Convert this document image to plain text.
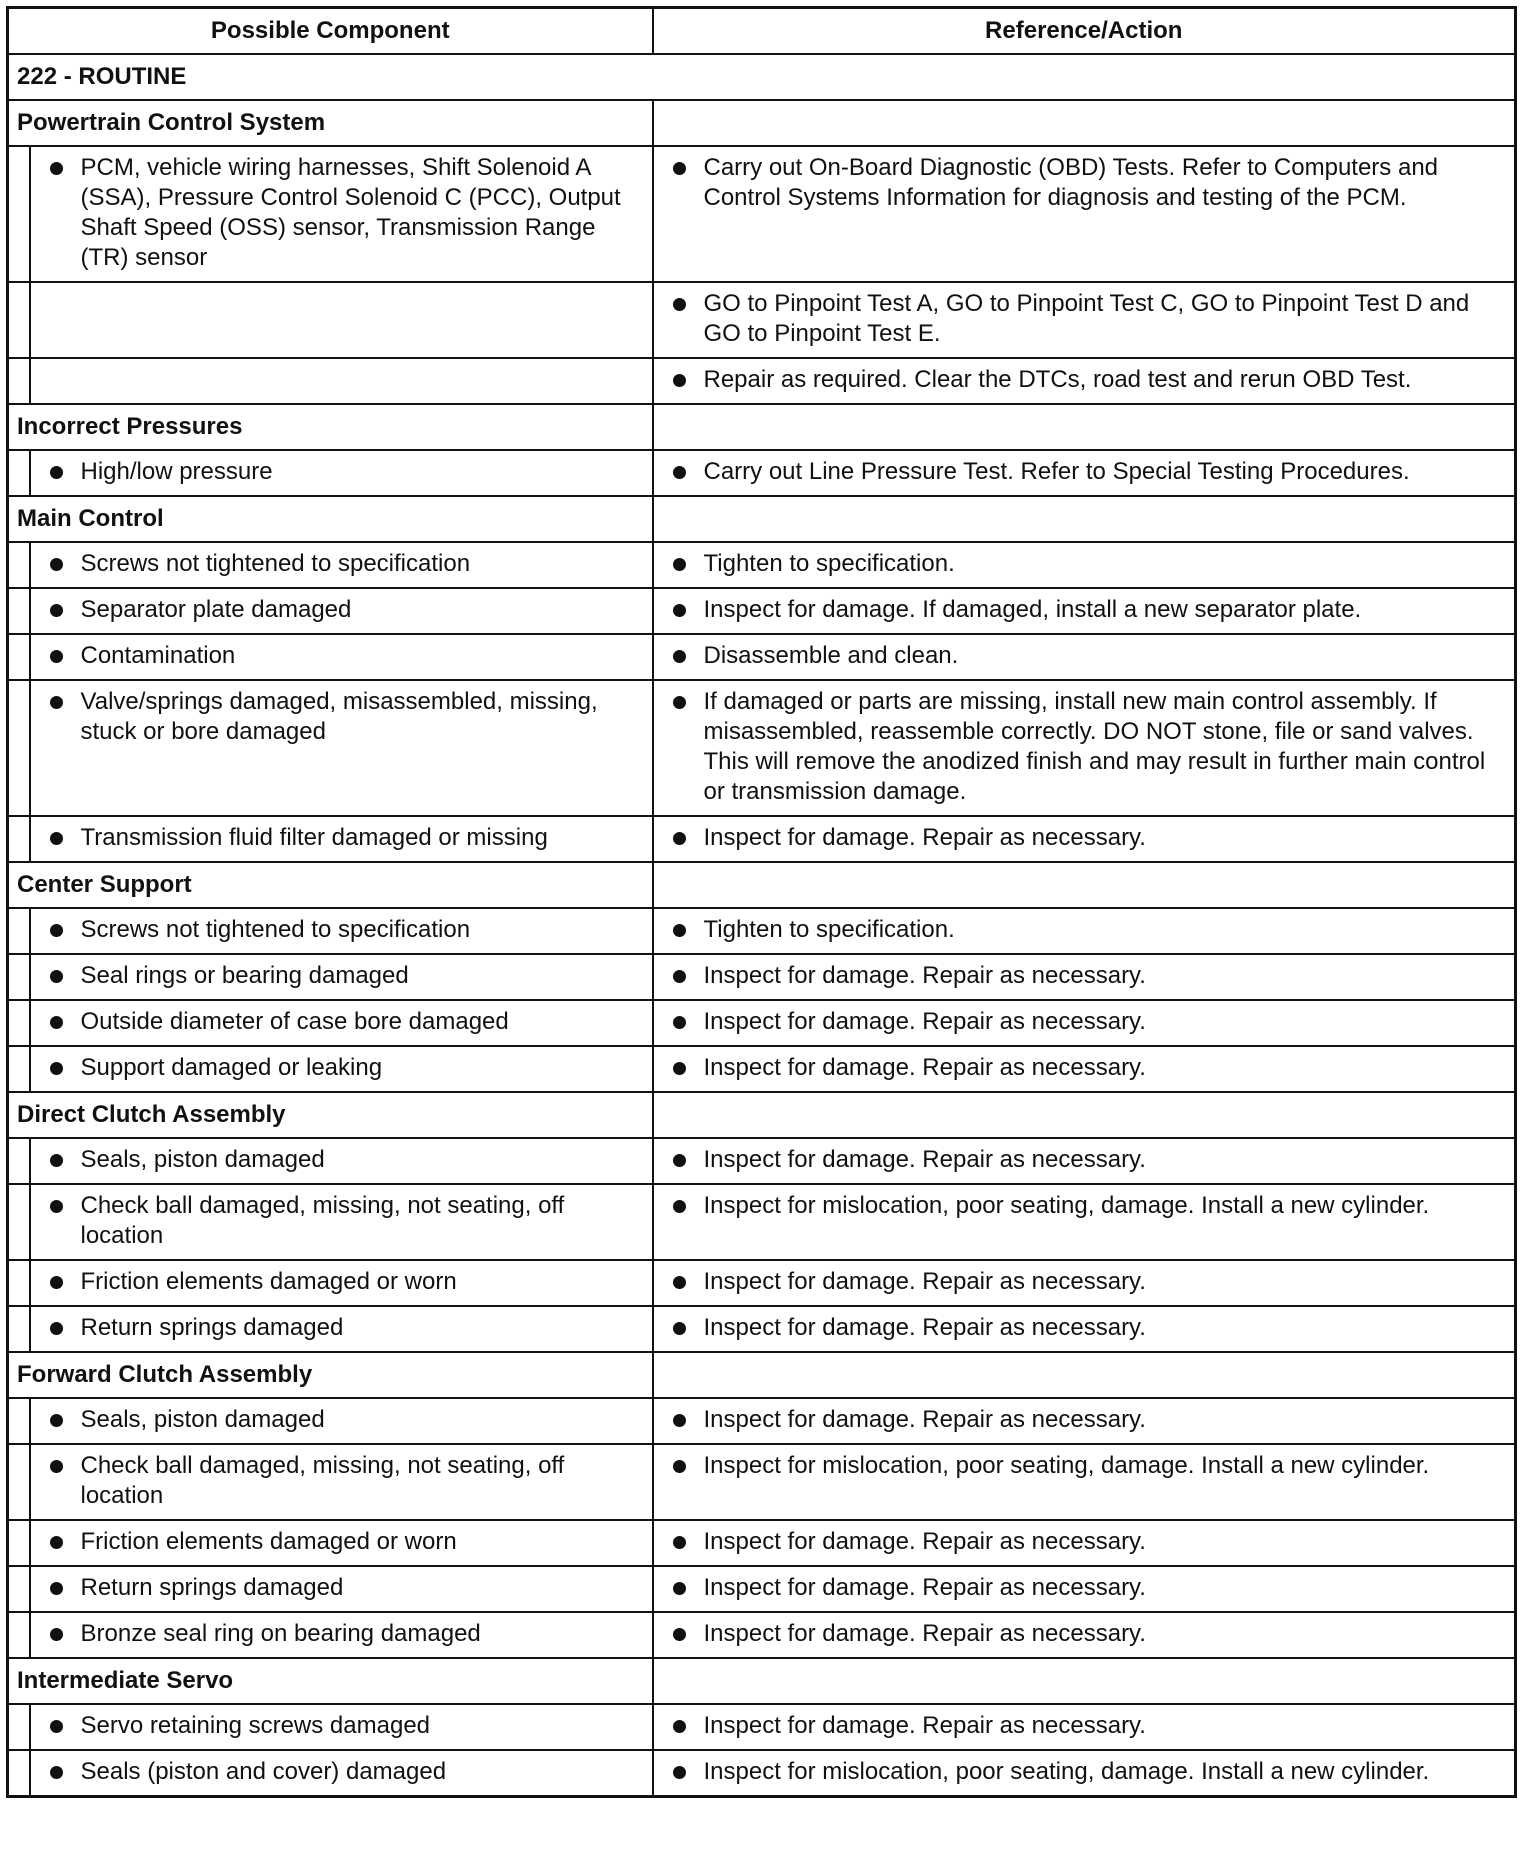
Possible Component		Reference/Action
222 - ROUTINE		
Powertrain Control System		

	PCM, vehicle wiring harnesses, Shift Solenoid A (SSA), Pressure Control Solenoid C (PCC), Output Shaft Speed (OSS) sensor, Transmission Range (TR) sensor	Carry out On-Board Diagnostic (OBD) Tests. Refer to Computers and Control Systems Information for diagnosis and testing of the PCM.

		GO to Pinpoint Test A, GO to Pinpoint Test C, GO to Pinpoint Test D and GO to Pinpoint Test E.

		Repair as required. Clear the DTCs, road test and rerun OBD Test.

Incorrect Pressures		

	High/low pressure	Carry out Line Pressure Test. Refer to Special Testing Procedures.

Main Control		

	Screws not tightened to specification	Tighten to specification.

	Separator plate damaged	Inspect for damage. If damaged, install a new separator plate.

	Contamination	Disassemble and clean.

	Valve/springs damaged, misassembled, missing, stuck or bore damaged	If damaged or parts are missing, install new main control assembly. If misassembled, reassemble correctly. DO NOT stone, file or sand valves. This will remove the anodized finish and may result in further main control or transmission damage.

	Transmission fluid filter damaged or missing	Inspect for damage. Repair as necessary.

Center Support		

	Screws not tightened to specification	Tighten to specification.

	Seal rings or bearing damaged	Inspect for damage. Repair as necessary.

	Outside diameter of case bore damaged	Inspect for damage. Repair as necessary.

	Support damaged or leaking	Inspect for damage. Repair as necessary.

Direct Clutch Assembly		

	Seals, piston damaged	Inspect for damage. Repair as necessary.

	Check ball damaged, missing, not seating, off location	Inspect for mislocation, poor seating, damage. Install a new cylinder.

	Friction elements damaged or worn	Inspect for damage. Repair as necessary.

	Return springs damaged	Inspect for damage. Repair as necessary.

Forward Clutch Assembly		

	Seals, piston damaged	Inspect for damage. Repair as necessary.

	Check ball damaged, missing, not seating, off location	Inspect for mislocation, poor seating, damage. Install a new cylinder.

	Friction elements damaged or worn	Inspect for damage. Repair as necessary.

	Return springs damaged	Inspect for damage. Repair as necessary.

	Bronze seal ring on bearing damaged	Inspect for damage. Repair as necessary.

Intermediate Servo		

	Servo retaining screws damaged	Inspect for damage. Repair as necessary.

	Seals (piston and cover) damaged	Inspect for mislocation, poor seating, damage. Install a new cylinder.
